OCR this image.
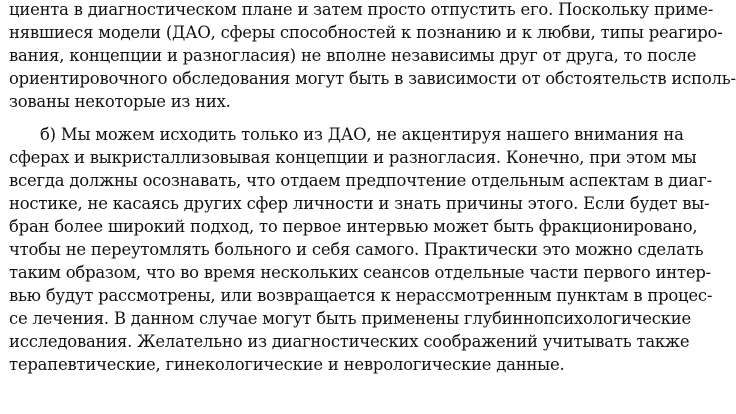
циента в диагностическом плане и затем просто отпустить его. Поскольку приме-
нявшиеся модели (ДАО, сферы способностей к познанию и к любви, типы реагиро-
вания, концепции и разногласия) не вполне независимы друг от друга, то после
ориентировочного обследования могут быть в зависимости от обстоятельств исполь-
зованы некоторые из них.
б) Мы можем исходить только из ДАО, не акцентируя нашего внимания на
сферах и выкристаллизовывая концепции и разногласия. Конечно, при этом мы
всегда должны осознавать, что отдаем предпочтение отдельным аспектам в диаг-
ностике, не касаясь других сфер личности и знать причины этого. Если будет вы-
бран более широкий подход, то первое интервью может быть фракционировано,
чтобы не переутомлять больного и себя самого. Практически это можно сделать
таким образом, что во время нескольких сеансов отдельные части первого интер-
вью будут рассмотрены, или возвращается к нерассмотренным пунктам в процес-
се лечения. В данном случае могут быть применены глубиннопсихологические
исследования. Желательно из диагностических соображений учитывать также
терапевтические, гинекологические и неврологические данные.
